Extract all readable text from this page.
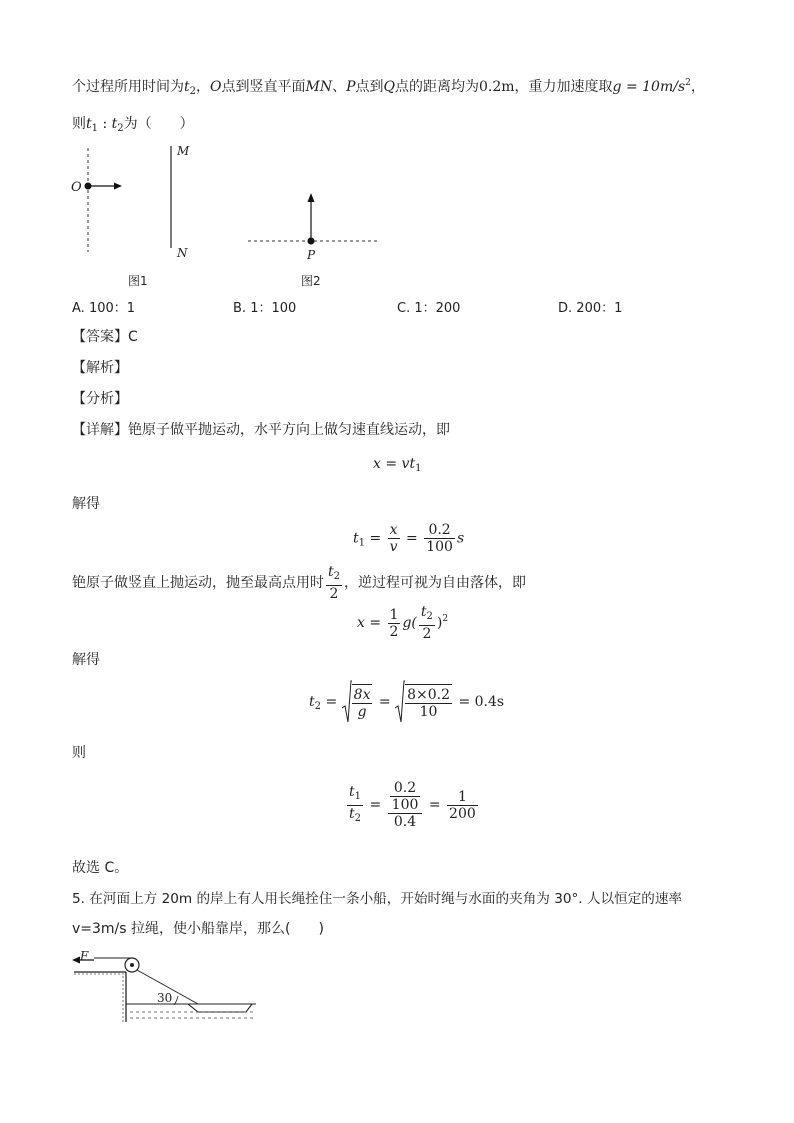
个过程所用时间为$t_2$，O点到竖直平面MN、P点到Q点的距离均为0.2m，重力加速度取$g = 10m/s^2$，
则$t_1$ : $t_2$为（　　）
O
M
N	P
图1	图2
A. 100：1	B. 1：100	C. 1：200	D. 200：1
【答案】C
【解析】
【分析】
【详解】铯原子做平抛运动，水平方向上做匀速直线运动，即
$x = vt_1$
解得
$t_1 = \frac{x}{v} = \frac{0.2}{100}$ s
铯原子做竖直上抛运动，抛至最高点用时 $\frac{t_2}{2}$ ，逆过程可视为自由落体，即
$x = \frac{1}{2} g( \frac{t_2}{2} )^2$
解得
$t_2 = \frac{8x}{g} = \frac{8\times 0.2}{10} = 0.4s$
则
$\frac{t_1}{t_2} = \frac{\frac{0.2}{100}}{0.4} = \frac{1}{200}$
故选 C。
5. 在河面上方 20m 的岸上有人用长绳拴住一条小船，开始时绳与水面的夹角为 30°. 人以恒定的速率
v=3m/s 拉绳，使小船靠岸，那么(　　)
F
30
